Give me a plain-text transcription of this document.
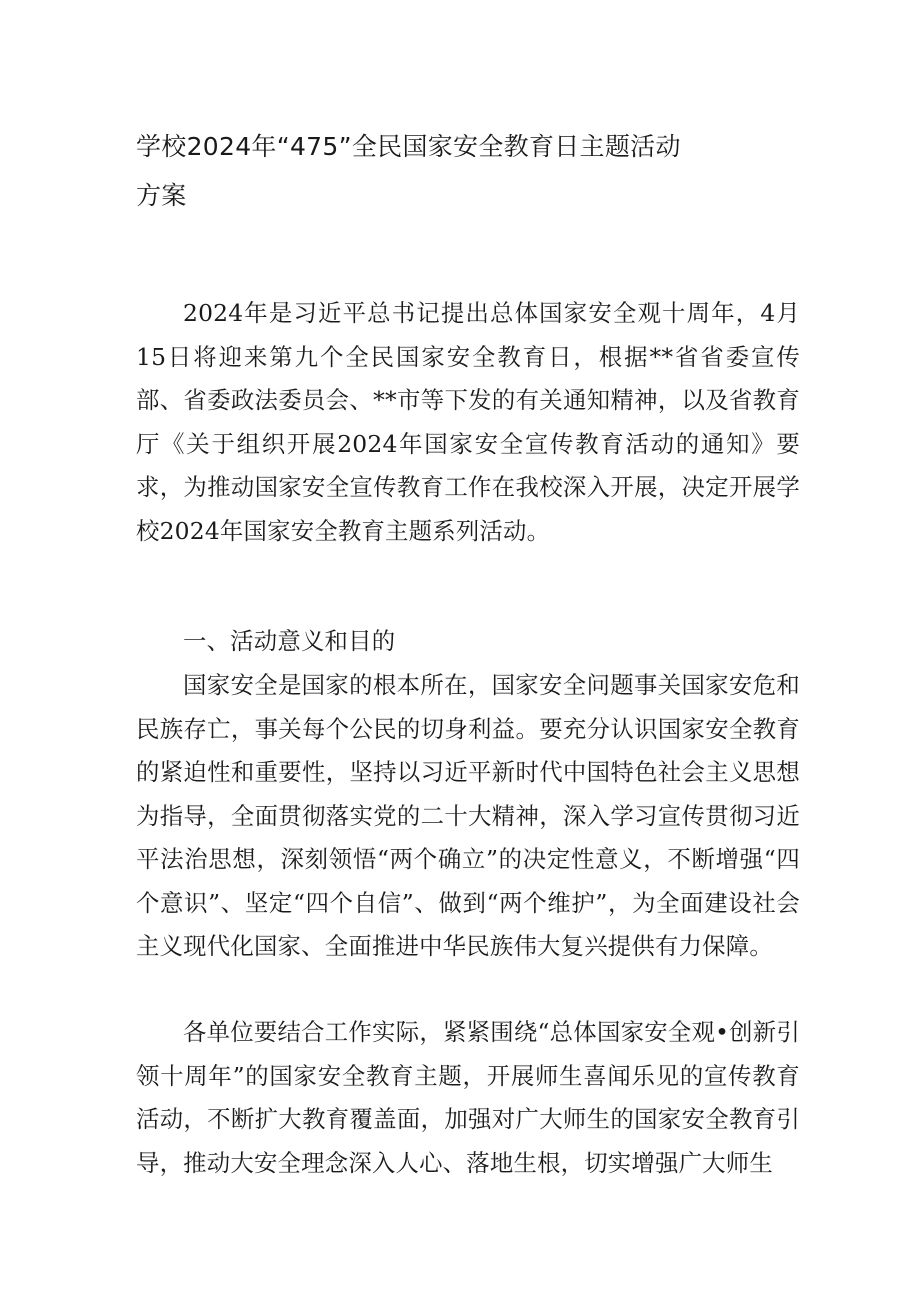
学校2024年“475”全民国家安全教育日主题活动方案

2024年是习近平总书记提出总体国家安全观十周年，4月15日将迎来第九个全民国家安全教育日，根据**省省委宣传部、省委政法委员会、**市等下发的有关通知精神，以及省教育厅《关于组织开展2024年国家安全宣传教育活动的通知》要求，为推动国家安全宣传教育工作在我校深入开展，决定开展学校2024年国家安全教育主题系列活动。

一、活动意义和目的

国家安全是国家的根本所在，国家安全问题事关国家安危和民族存亡，事关每个公民的切身利益。要充分认识国家安全教育的紧迫性和重要性，坚持以习近平新时代中国特色社会主义思想为指导，全面贯彻落实党的二十大精神，深入学习宣传贯彻习近平法治思想，深刻领悟“两个确立”的决定性意义，不断增强“四个意识”、坚定“四个自信”、做到“两个维护”，为全面建设社会主义现代化国家、全面推进中华民族伟大复兴提供有力保障。

各单位要结合工作实际，紧紧围绕“总体国家安全观•创新引领十周年”的国家安全教育主题，开展师生喜闻乐见的宣传教育活动，不断扩大教育覆盖面，加强对广大师生的国家安全教育引导，推动大安全理念深入人心、落地生根，切实增强广大师生
